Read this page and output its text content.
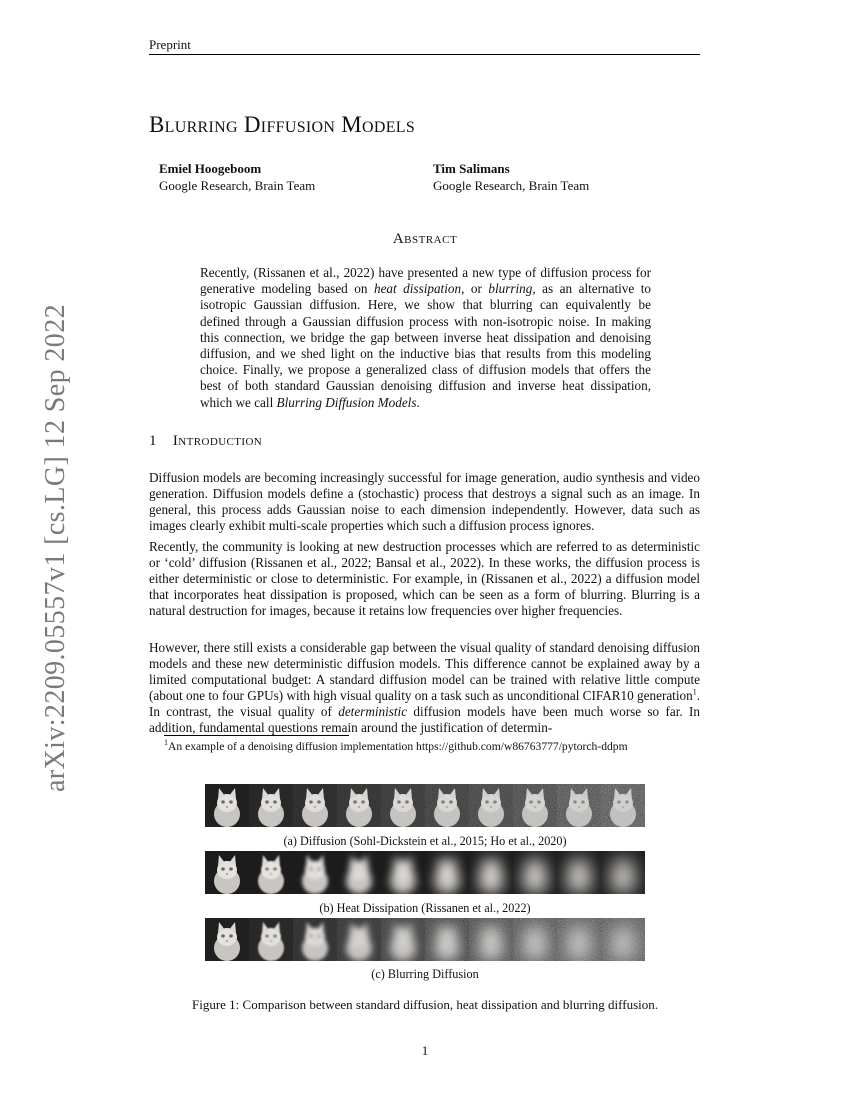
Preprint
Blurring Diffusion Models
Emiel Hoogeboom
Google Research, Brain Team
Tim Salimans
Google Research, Brain Team
arXiv:2209.05557v1 [cs.LG] 12 Sep 2022
Abstract
Recently, (Rissanen et al., 2022) have presented a new type of diffusion process for generative modeling based on heat dissipation, or blurring, as an alternative to isotropic Gaussian diffusion. Here, we show that blurring can equivalently be defined through a Gaussian diffusion process with non-isotropic noise. In making this connection, we bridge the gap between inverse heat dissipation and denoising diffusion, and we shed light on the inductive bias that results from this modeling choice. Finally, we propose a generalized class of diffusion models that offers the best of both standard Gaussian denoising diffusion and inverse heat dissipation, which we call Blurring Diffusion Models.
1 Introduction
Diffusion models are becoming increasingly successful for image generation, audio synthesis and video generation. Diffusion models define a (stochastic) process that destroys a signal such as an image. In general, this process adds Gaussian noise to each dimension independently. However, data such as images clearly exhibit multi-scale properties which such a diffusion process ignores.
Recently, the community is looking at new destruction processes which are referred to as deterministic or ‘cold’ diffusion (Rissanen et al., 2022; Bansal et al., 2022). In these works, the diffusion process is either deterministic or close to deterministic. For example, in (Rissanen et al., 2022) a diffusion model that incorporates heat dissipation is proposed, which can be seen as a form of blurring. Blurring is a natural destruction for images, because it retains low frequencies over higher frequencies.
However, there still exists a considerable gap between the visual quality of standard denoising diffusion models and these new deterministic diffusion models. This difference cannot be explained away by a limited computational budget: A standard diffusion model can be trained with relative little compute (about one to four GPUs) with high visual quality on a task such as unconditional CIFAR10 generation$^1$. In contrast, the visual quality of deterministic diffusion models have been much worse so far. In addition, fundamental questions remain around the justification of determin-
$^1$An example of a denoising diffusion implementation https://github.com/w86763777/pytorch-ddpm
(a) Diffusion (Sohl-Dickstein et al., 2015; Ho et al., 2020)
(b) Heat Dissipation (Rissanen et al., 2022)
(c) Blurring Diffusion
Figure 1: Comparison between standard diffusion, heat dissipation and blurring diffusion.
1
